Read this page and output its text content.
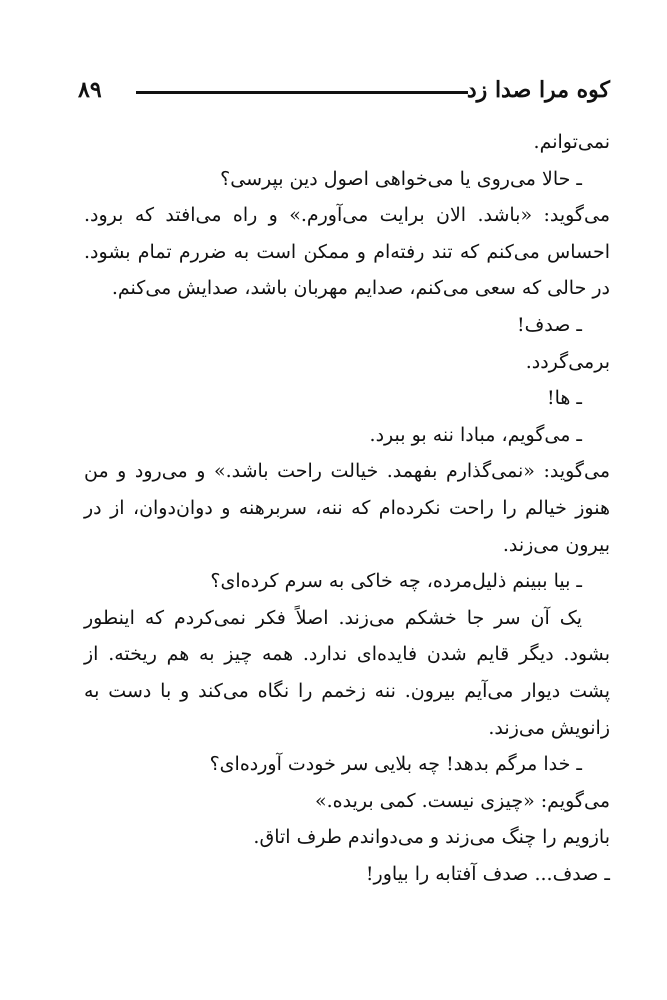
کوه مرا صدا زد
۸۹

نمی‌توانم.

ـ حالا می‌روی یا می‌خواهی اصول دین بپرسی؟

می‌گوید: «باشد. الان برایت می‌آورم.» و راه می‌افتد که برود. احساس می‌کنم که تند رفته‌ام و ممکن است به ضررم تمام بشود. در حالی که سعی می‌کنم، صدایم مهربان باشد، صدایش می‌کنم.

ـ صدف!

برمی‌گردد.

ـ ها!

ـ می‌گویم، مبادا ننه بو ببرد.

می‌گوید: «نمی‌گذارم بفهمد. خیالت راحت باشد.» و می‌رود و من هنوز خیالم را راحت نکرده‌ام که ننه، سربرهنه و دوان‌دوان، از در بیرون می‌زند.

ـ بیا ببینم ذلیل‌مرده، چه خاکی به سرم کرده‌ای؟

یک آن سر جا خشکم می‌زند. اصلاً فکر نمی‌کردم که اینطور بشود. دیگر قایم شدن فایده‌ای ندارد. همه چیز به هم ریخته. از پشت دیوار می‌آیم بیرون. ننه زخمم را نگاه می‌کند و با دست به زانویش می‌زند.

ـ خدا مرگم بدهد! چه بلایی سر خودت آورده‌ای؟

می‌گویم: «چیزی نیست. کمی بریده.»

بازویم را چنگ می‌زند و می‌دواندم طرف اتاق.

ـ صدف... صدف آفتابه را بیاور!
